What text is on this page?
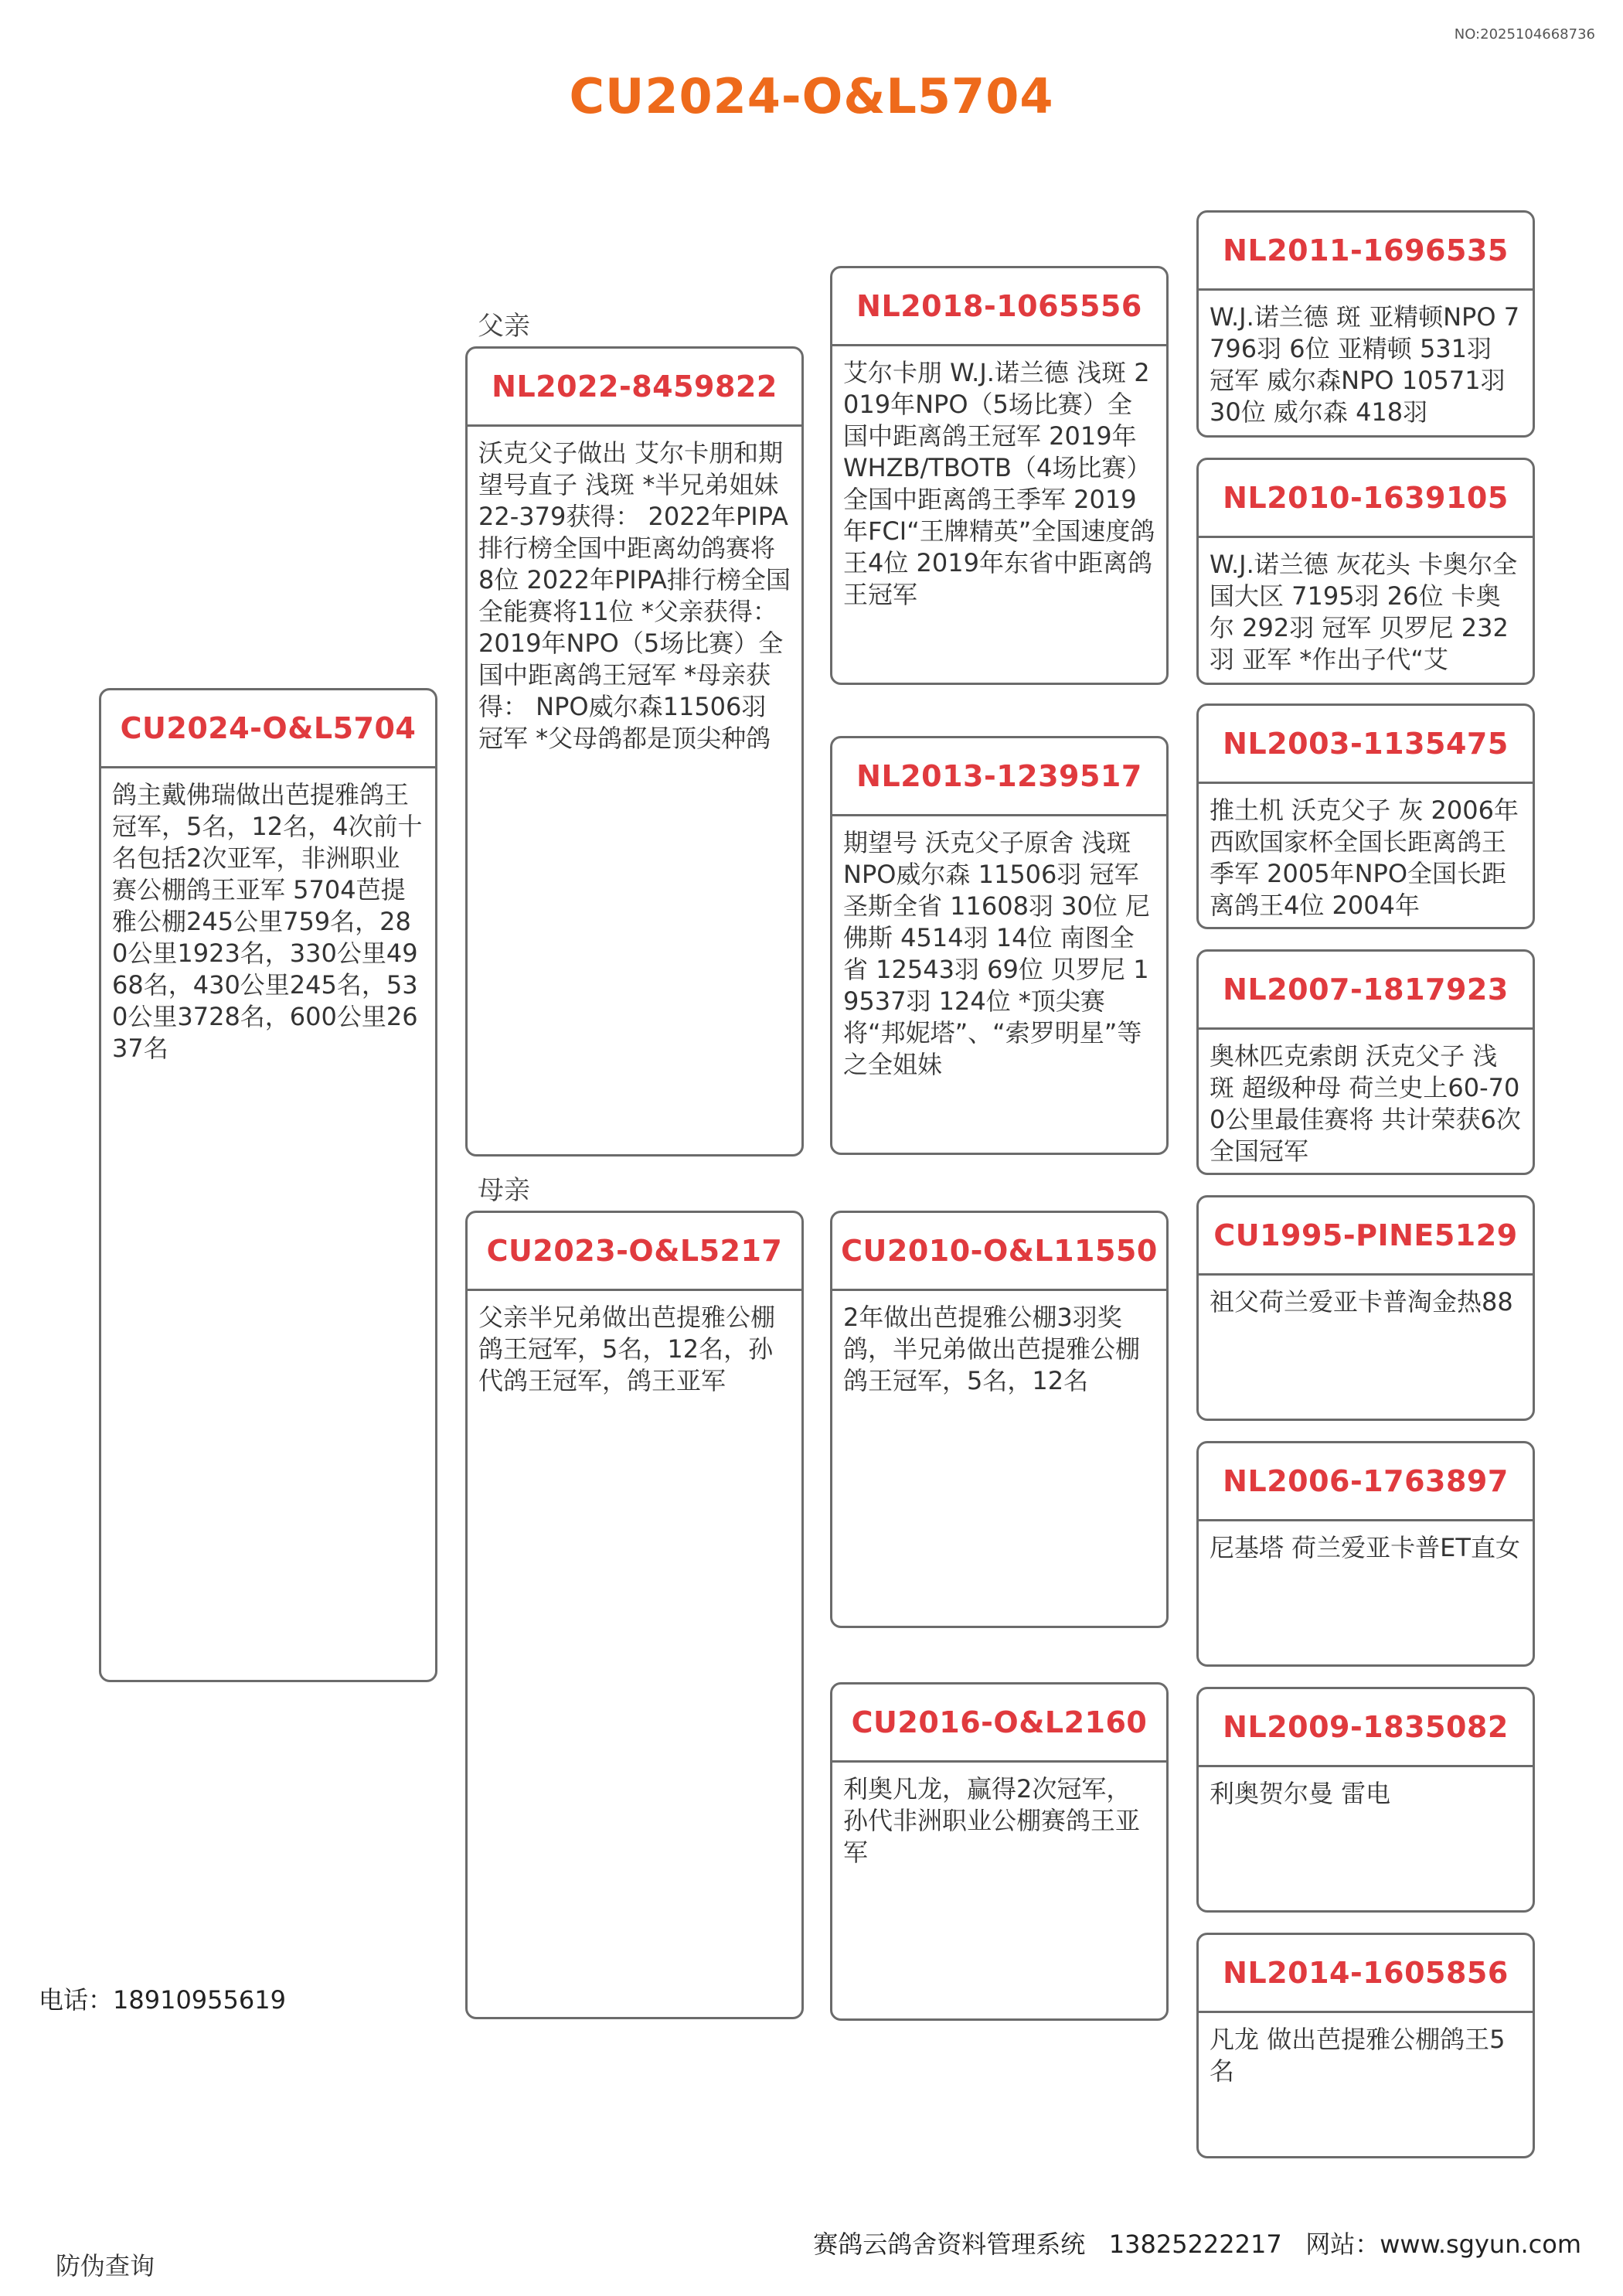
NO:2025104668736
CU2024-O&L5704
CU2024-O&L5704
鸽主戴佛瑞做出芭提雅鸽王冠军，5名，12名，4次前十名包括2次亚军，非洲职业赛公棚鸽王亚军 5704芭提雅公棚245公里759名，280公里1923名，330公里4968名，430公里245名，530公里3728名，600公里2637名
父亲
NL2022-8459822
沃克父子做出 艾尔卡朋和期望号直子 浅斑 *半兄弟姐妹22-379获得： 2022年PIPA排行榜全国中距离幼鸽赛将8位 2022年PIPA排行榜全国全能赛将11位 *父亲获得： 2019年NPO（5场比赛）全国中距离鸽王冠军 *母亲获得： NPO威尔森11506羽冠军 *父母鸽都是顶尖种鸽
母亲
CU2023-O&L5217
父亲半兄弟做出芭提雅公棚鸽王冠军，5名，12名，孙代鸽王冠军，鸽王亚军
NL2018-1065556
艾尔卡朋 W.J.诺兰德 浅斑 2019年NPO（5场比赛）全国中距离鸽王冠军 2019年WHZB/TBOTB（4场比赛）全国中距离鸽王季军 2019年FCI“王牌精英”全国速度鸽王4位 2019年东省中距离鸽王冠军
NL2013-1239517
期望号 沃克父子原舍 浅斑 NPO威尔森 11506羽 冠军 圣斯全省 11608羽 30位 尼佛斯 4514羽 14位 南图全省 12543羽 69位 贝罗尼 19537羽 124位 *顶尖赛将“邦妮塔”、“索罗明星”等之全姐妹
CU2010-O&L11550
2年做出芭提雅公棚3羽奖鸽，半兄弟做出芭提雅公棚鸽王冠军，5名，12名
CU2016-O&L2160
利奥凡龙，赢得2次冠军，孙代非洲职业公棚赛鸽王亚军
NL2011-1696535
W.J.诺兰德 斑 亚精顿NPO 7796羽 6位 亚精顿 531羽 冠军 威尔森NPO 10571羽 30位 威尔森 418羽
NL2010-1639105
W.J.诺兰德 灰花头 卡奥尔全国大区 7195羽 26位 卡奥尔 292羽 冠军 贝罗尼 232羽 亚军 *作出子代“艾
NL2003-1135475
推土机 沃克父子 灰 2006年西欧国家杯全国长距离鸽王季军 2005年NPO全国长距离鸽王4位 2004年
NL2007-1817923
奥林匹克索朗 沃克父子 浅斑 超级种母 荷兰史上60-700公里最佳赛将 共计荣获6次全国冠军
CU1995-PINE5129
祖父荷兰爱亚卡普淘金热88
NL2006-1763897
尼基塔 荷兰爱亚卡普ET直女
NL2009-1835082
利奥贺尔曼 雷电
NL2014-1605856
凡龙 做出芭提雅公棚鸽王5名
电话：18910955619
防伪查询
赛鸽云鸽舍资料管理系统   13825222217   网站：www.sgyun.com
